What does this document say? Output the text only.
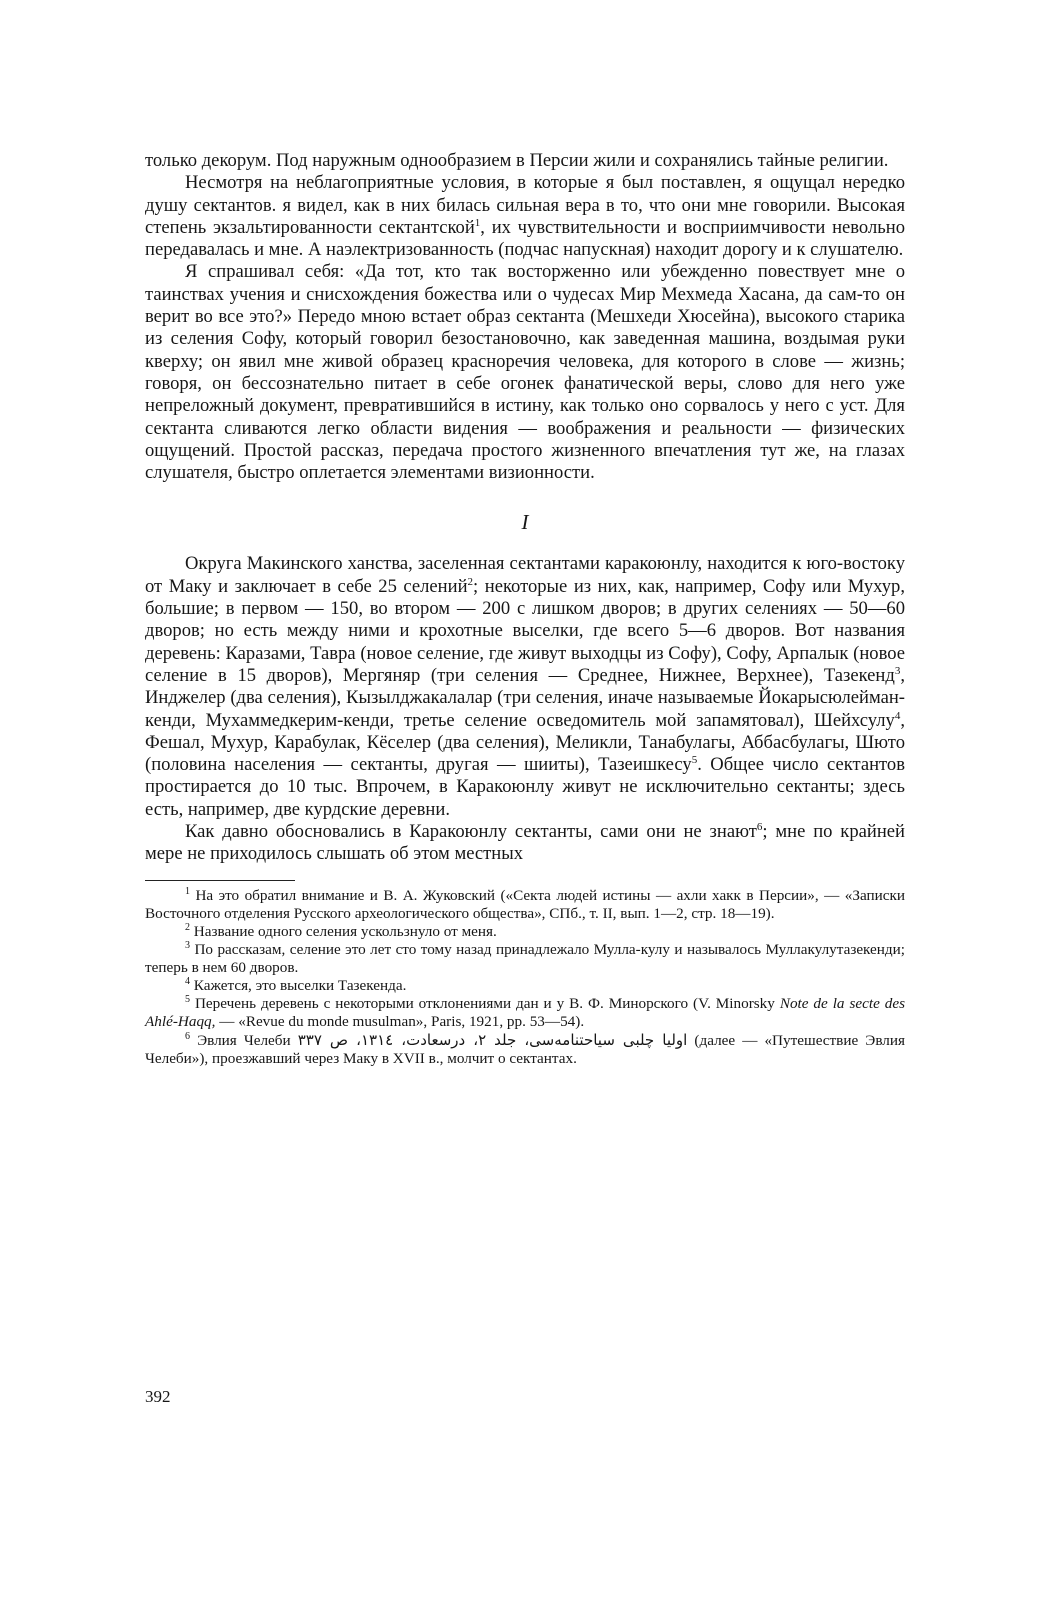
только декорум. Под наружным однообразием в Персии жили и сохранялись тайные религии.

Несмотря на неблагоприятные условия, в которые я был поставлен, я ощущал нередко душу сектантов. я видел, как в них билась сильная вера в то, что они мне говорили. Высокая степень экзальтированности сектантской$^1$, их чувствительности и восприимчивости невольно передавалась и мне. А наэлектризованность (подчас напускная) находит дорогу и к слушателю.

Я спрашивал себя: «Да тот, кто так восторженно или убежденно повествует мне о таинствах учения и снисхождения божества или о чудесах Мир Мехмеда Хасана, да сам-то он верит во все это?» Передо мною встает образ сектанта (Мешхеди Хюсейна), высокого старика из селения Софу, который говорил безостановочно, как заведенная машина, воздымая руки кверху; он явил мне живой образец красноречия человека, для которого в слове — жизнь; говоря, он бессознательно питает в себе огонек фанатической веры, слово для него уже непреложный документ, превратившийся в истину, как только оно сорвалось у него с уст. Для сектанта сливаются легко области видения — воображения и реальности — физических ощущений. Простой рассказ, передача простого жизненного впечатления тут же, на глазах слушателя, быстро оплетается элементами визионности.

I

Округа Макинского ханства, заселенная сектантами каракоюнлу, находится к юго-востоку от Маку и заключает в себе 25 селений$^2$; некоторые из них, как, например, Софу или Мухур, большие; в первом — 150, во втором — 200 с лишком дворов; в других селениях — 50—60 дворов; но есть между ними и крохотные выселки, где всего 5—6 дворов. Вот названия деревень: Каразами, Тавра (новое селение, где живут выходцы из Софу), Софу, Арпалык (новое селение в 15 дворов), Мергяняр (три селения — Среднее, Нижнее, Верхнее), Тазекенд$^3$, Инджелер (два селения), Кызылджакалалар (три селения, иначе называемые Йокарысюлейман-кенди, Мухаммедкерим-кенди, третье селение осведомитель мой запамятовал), Шейхсулу$^4$, Фешал, Мухур, Карабулак, Кёселер (два селения), Меликли, Танабулагы, Аббасбулагы, Шюто (половина населения — сектанты, другая — шииты), Тазеишкесу$^5$. Общее число сектантов простирается до 10 тыс. Впрочем, в Каракоюнлу живут не исключительно сектанты; здесь есть, например, две курдские деревни.

Как давно обосновались в Каракоюнлу сектанты, сами они не знают$^6$; мне по крайней мере не приходилось слышать об этом местных

$^1$ На это обратил внимание и В. А. Жуковский («Секта людей истины — ахли хакк в Персии», — «Записки Восточного отделения Русского археологического общества», СПб., т. II, вып. 1—2, стр. 18—19).

$^2$ Название одного селения ускользнуло от меня.

$^3$ По рассказам, селение это лет сто тому назад принадлежало Мулла-кулу и называлось Муллакулутазекенди; теперь в нем 60 дворов.

$^4$ Кажется, это выселки Тазекенда.

$^5$ Перечень деревень с некоторыми отклонениями дан и у В. Ф. Минорского (V. Minorsky Note de la secte des Ahlé-Haqq, — «Revue du monde musulman», Paris, 1921, pp. 53—54).

$^6$ Эвлия Челеби اوليا چلبی سياحتنامه‌سی، جلد ۲، درسعادت، ۱۳۱٤، ص ۳۳۷ (далее — «Путешествие Эвлия Челеби»), проезжавший через Маку в XVII в., молчит о сектантах.

392
